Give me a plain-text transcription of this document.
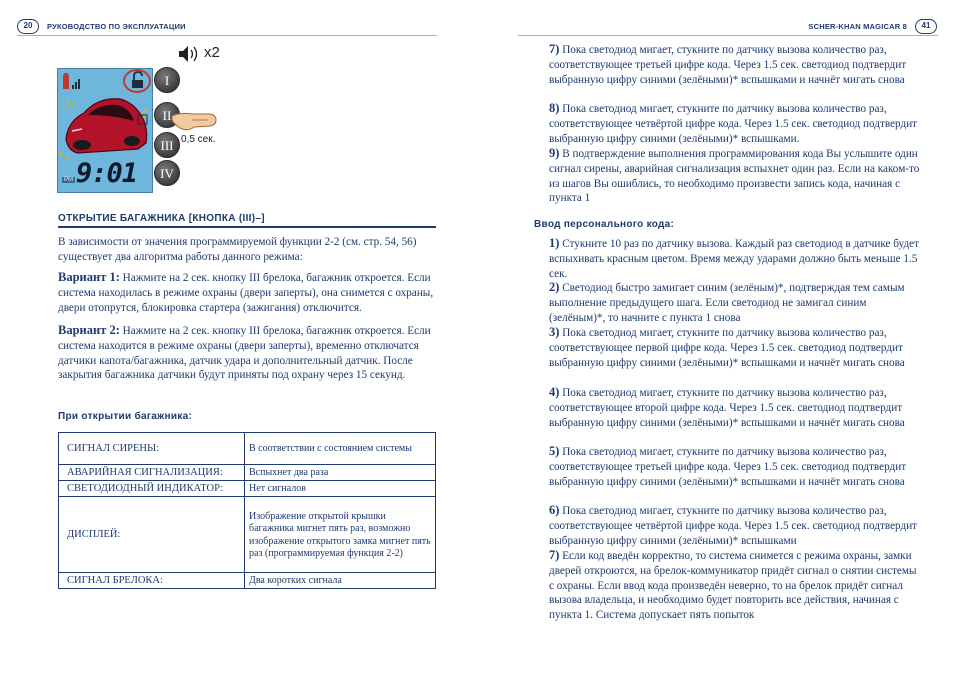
20	РУКОВОДСТВО ПО ЭКСПЛУАТАЦИИ	SCHER-KHAN MAGICAR 8	41
9:01
PM
x2
I
II
III
IV
0,5 сек.
ОТКРЫТИЕ БАГАЖНИКА [КНОПКА (III)–]

В зависимости от значения программируемой функции 2-2 (см. стр. 54, 56) существует два алгоритма работы данного режима:

Вариант 1: Нажмите на 2 сек. кнопку III брелока, багажник откроется. Если система находилась в режиме охраны (двери заперты), она снимется с охраны, двери отопрутся, блокировка стартера (зажигания) отключится.

Вариант 2: Нажмите на 2 сек. кнопку III брелока, багажник откроется. Если система находится в режиме охраны (двери заперты), временно отключатся датчики капота/багажника, датчик удара и дополнительный датчик. После закрытия багажника датчики будут приняты под охрану через 15 секунд.

При открытии багажника:
СИГНАЛ СИРЕНЫ:	В соответствии с состоянием системы
АВАРИЙНАЯ СИГНАЛИЗАЦИЯ:	Вспыхнет два раза
СВЕТОДИОДНЫЙ ИНДИКАТОР:	Нет сигналов
ДИСПЛЕЙ:	Изображение открытой крышки багажника мигнет пять раз, возможно изображение открытого замка мигнет пять раз (программируемая функция 2-2)
СИГНАЛ БРЕЛОКА:	Два коротких сигнала

7) Пока светодиод мигает, стукните по датчику вызова количество раз, соответствующее третьей цифре кода. Через 1.5 сек. светодиод подтвердит выбранную цифру синими (зелёными)* вспышками и начнёт мигать снова

8) Пока светодиод мигает, стукните по датчику вызова количество раз, соответствующее четвёртой цифре кода. Через 1.5 сек. светодиод подтвердит выбранную цифру синими (зелёными)* вспышками.

9) В подтверждение выполнения программирования кода Вы услышите один сигнал сирены, аварийная сигнализация вспыхнет один раз. Если на каком-то из шагов Вы ошиблись, то необходимо произвести запись кода, начиная с пункта 1

Ввод персонального кода:

1) Стукните 10 раз по датчику вызова. Каждый раз светодиод в датчике будет вспыхивать красным цветом. Время между ударами должно быть меньше 1.5 сек.

2) Светодиод быстро замигает синим (зелёным)*, подтверждая тем самым выполнение предыдущего шага. Если светодиод не замигал синим (зелёным)*, то начните с пункта 1 снова

3) Пока светодиод мигает, стукните по датчику вызова количество раз, соответствующее первой цифре кода. Через 1.5 сек. светодиод подтвердит выбранную цифру синими (зелёными)* вспышками и начнёт мигать снова

4) Пока светодиод мигает, стукните по датчику вызова количество раз, соответствующее второй цифре кода. Через 1.5 сек. светодиод подтвердит выбранную цифру синими (зелёными)* вспышками и начнёт мигать снова

5) Пока светодиод мигает, стукните по датчику вызова количество раз, соответствующее третьей цифре кода. Через 1.5 сек. светодиод подтвердит выбранную цифру синими (зелёными)* вспышками и начнёт мигать снова

6) Пока светодиод мигает, стукните по датчику вызова количество раз, соответствующее четвёртой цифре кода. Через 1.5 сек. светодиод подтвердит выбранную цифру синими (зелёными)* вспышками

7) Если код введён корректно, то система снимется с режима охраны, замки дверей откроются, на брелок-коммуникатор придёт сигнал о снятии системы с охраны. Если ввод кода произведён неверно, то на брелок придёт сигнал вызова владельца, и необходимо будет повторить все действия, начиная с пункта 1. Система допускает пять попыток
